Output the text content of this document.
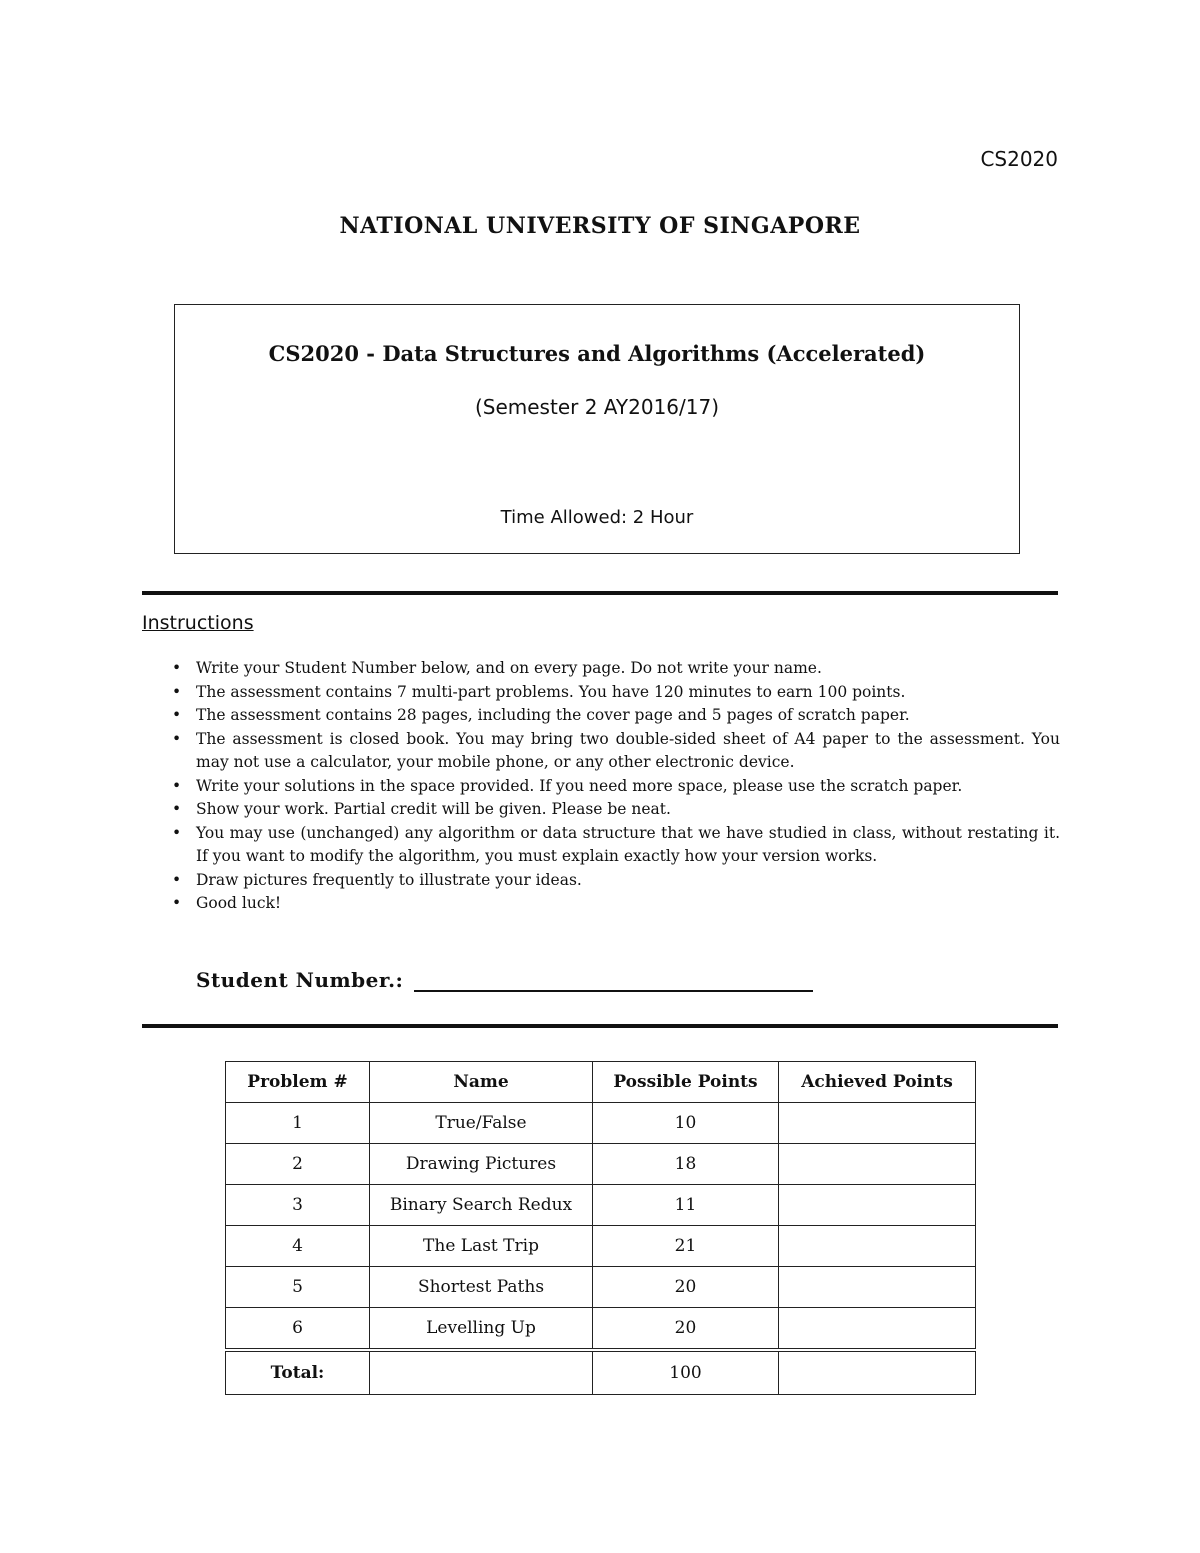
CS2020
NATIONAL UNIVERSITY OF SINGAPORE
CS2020 - Data Structures and Algorithms (Accelerated)
(Semester 2 AY2016/17)
Time Allowed: 2 Hour
Instructions
• Write your Student Number below, and on every page. Do not write your name.
• The assessment contains 7 multi-part problems. You have 120 minutes to earn 100 points.
• The assessment contains 28 pages, including the cover page and 5 pages of scratch paper.
• The assessment is closed book. You may bring two double-sided sheet of A4 paper to the assessment. You may not use a calculator, your mobile phone, or any other electronic device.
• Write your solutions in the space provided. If you need more space, please use the scratch paper.
• Show your work. Partial credit will be given. Please be neat.
• You may use (unchanged) any algorithm or data structure that we have studied in class, without restating it. If you want to modify the algorithm, you must explain exactly how your version works.
• Draw pictures frequently to illustrate your ideas.
• Good luck!
Student Number.:
Problem #	Name	Possible Points	Achieved Points
1	True/False	10	
2	Drawing Pictures	18	
3	Binary Search Redux	11	
4	The Last Trip	21	
5	Shortest Paths	20	
6	Levelling Up	20	
Total:		100	
